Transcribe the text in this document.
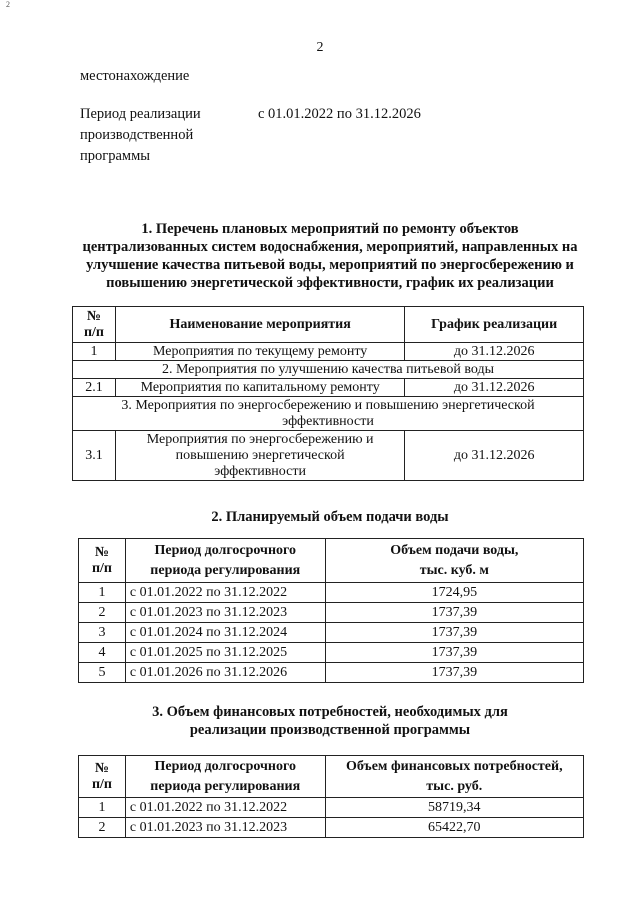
2
2
местонахождение
Период реализации
производственной
программы
с 01.01.2022 по 31.12.2026
1. Перечень плановых мероприятий по ремонту объектов
централизованных систем водоснабжения, мероприятий, направленных на
улучшение качества питьевой воды, мероприятий по энергосбережению и
повышению энергетической эффективности, график их реализации
№
п/п	Наименование мероприятия	График реализации
1	Мероприятия по текущему ремонту	до 31.12.2026
2. Мероприятия по улучшению качества питьевой воды		
2.1	Мероприятия по капитальному ремонту	до 31.12.2026
3. Мероприятия по энергосбережению и повышению энергетической
эффективности		
3.1	Мероприятия по энергосбережению и
повышению энергетической
эффективности	до 31.12.2026
2. Планируемый объем подачи воды
№
п/п	Период долгосрочного
периода регулирования	Объем подачи воды,
тыс. куб. м
1	с 01.01.2022 по 31.12.2022	1724,95
2	с 01.01.2023 по 31.12.2023	1737,39
3	с 01.01.2024 по 31.12.2024	1737,39
4	с 01.01.2025 по 31.12.2025	1737,39
5	с 01.01.2026 по 31.12.2026	1737,39
3. Объем финансовых потребностей, необходимых для
реализации производственной программы
№
п/п	Период долгосрочного
периода регулирования	Объем финансовых потребностей,
тыс. руб.
1	с 01.01.2022 по 31.12.2022	58719,34
2	с 01.01.2023 по 31.12.2023	65422,70
